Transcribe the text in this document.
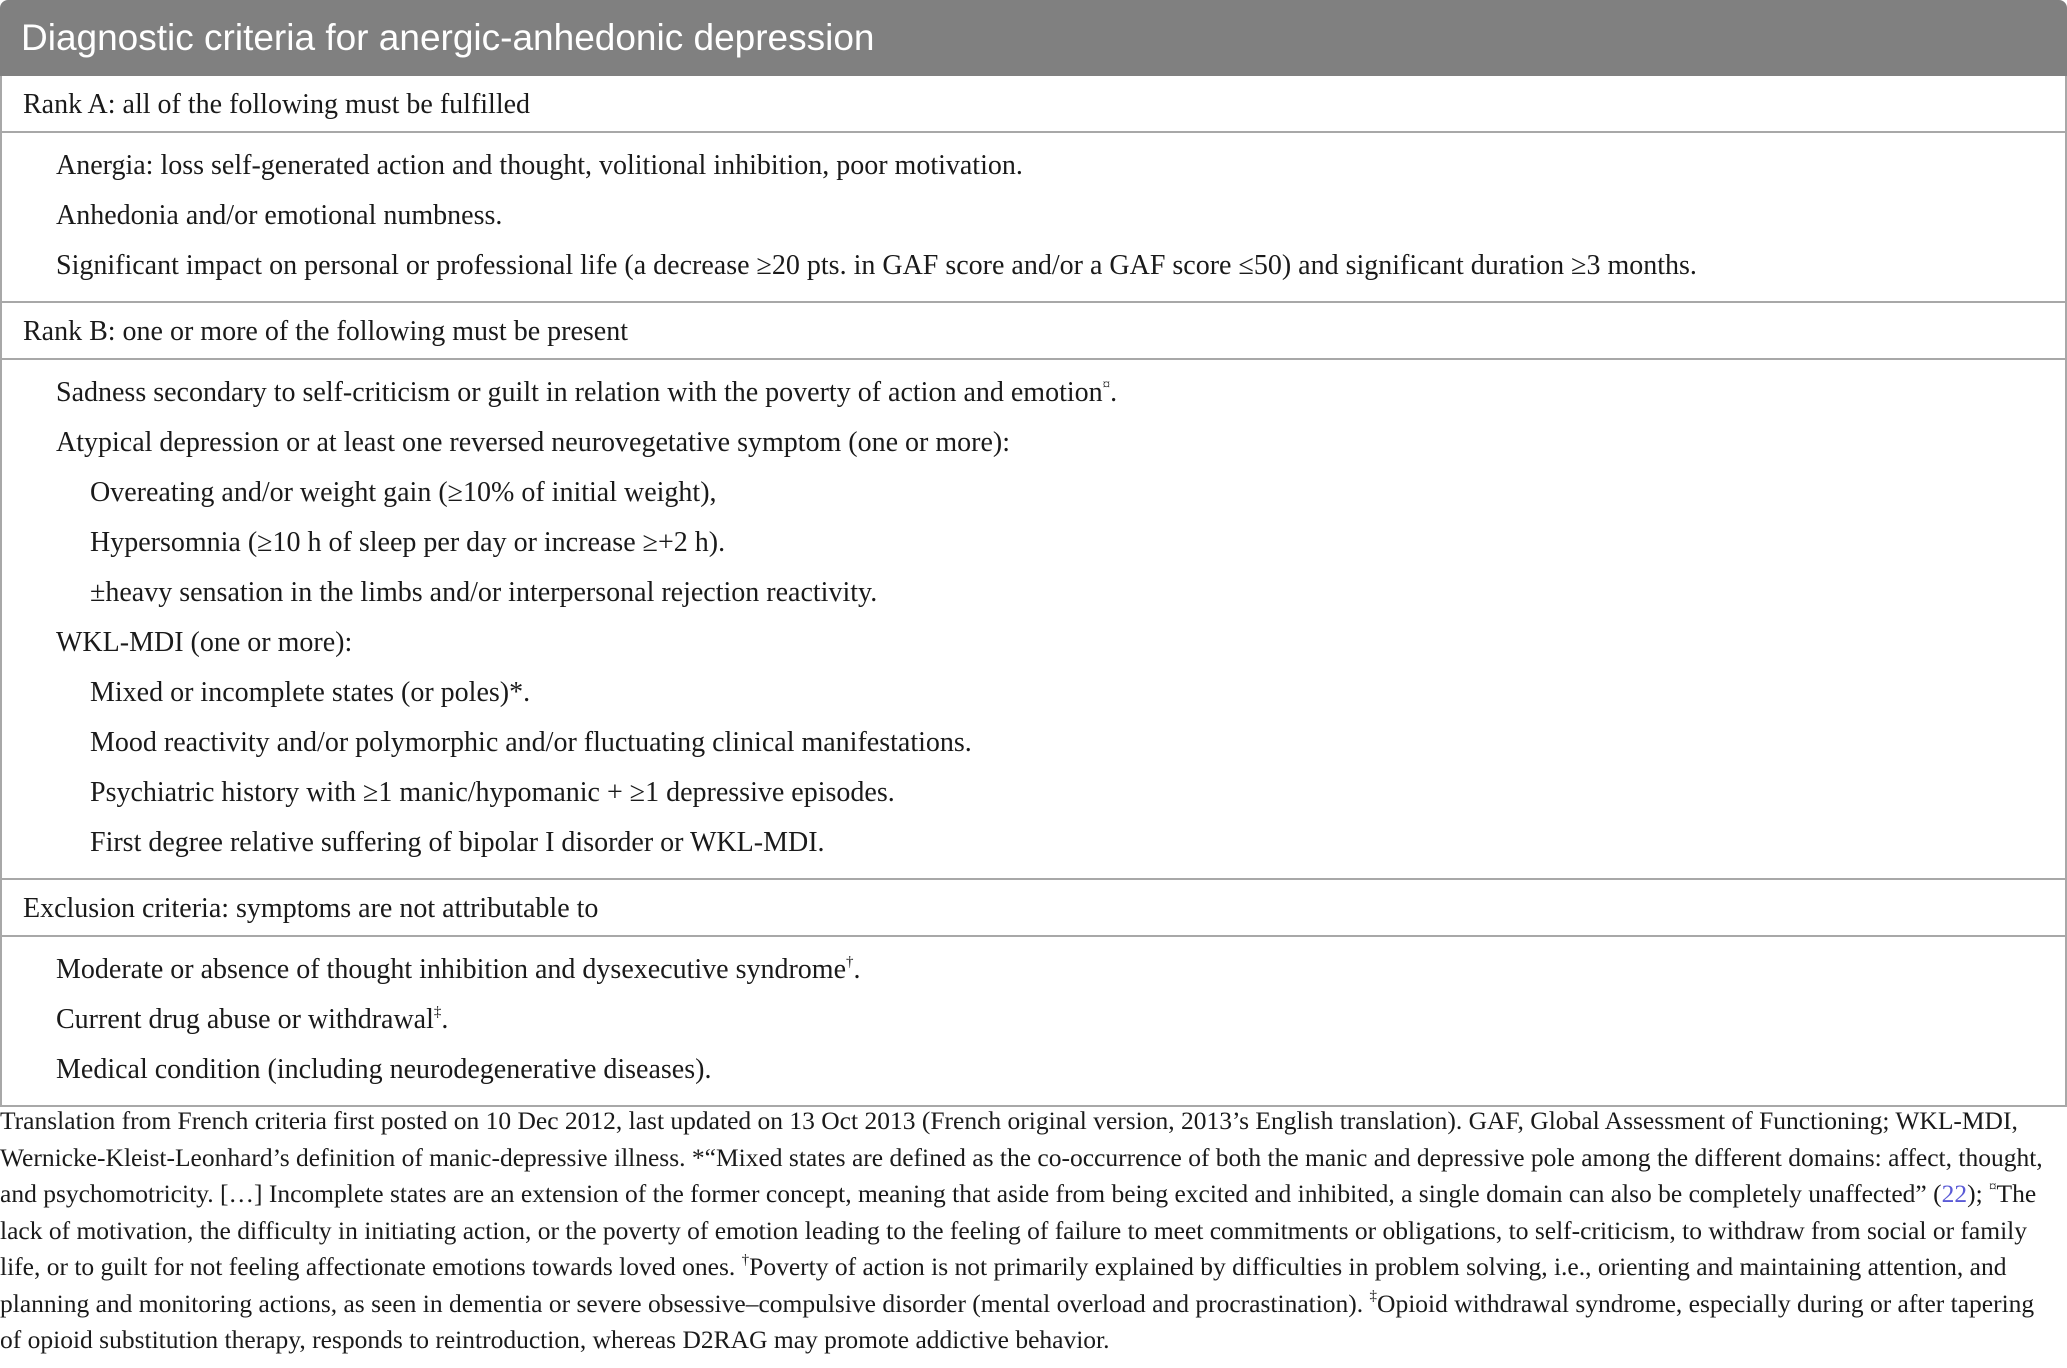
Diagnostic criteria for anergic-anhedonic depression
Rank A: all of the following must be fulfilled
Anergia: loss self-generated action and thought, volitional inhibition, poor motivation.
Anhedonia and/or emotional numbness.
Significant impact on personal or professional life (a decrease ≥20 pts. in GAF score and/or a GAF score ≤50) and significant duration ≥3 months.
Rank B: one or more of the following must be present
Sadness secondary to self-criticism or guilt in relation with the poverty of action and emotion¤.
Atypical depression or at least one reversed neurovegetative symptom (one or more):
Overeating and/or weight gain (≥10% of initial weight),
Hypersomnia (≥10 h of sleep per day or increase ≥+2 h).
±heavy sensation in the limbs and/or interpersonal rejection reactivity.
WKL-MDI (one or more):
Mixed or incomplete states (or poles)*.
Mood reactivity and/or polymorphic and/or fluctuating clinical manifestations.
Psychiatric history with ≥1 manic/hypomanic + ≥1 depressive episodes.
First degree relative suffering of bipolar I disorder or WKL-MDI.
Exclusion criteria: symptoms are not attributable to
Moderate or absence of thought inhibition and dysexecutive syndrome†.
Current drug abuse or withdrawal‡.
Medical condition (including neurodegenerative diseases).

Translation from French criteria first posted on 10 Dec 2012, last updated on 13 Oct 2013 (French original version, 2013’s English translation). GAF, Global Assessment of Functioning; WKL-MDI, Wernicke-Kleist-Leonhard’s definition of manic-depressive illness. *“Mixed states are defined as the co-occurrence of both the manic and depressive pole among the different domains: affect, thought, and psychomotricity. […] Incomplete states are an extension of the former concept, meaning that aside from being excited and inhibited, a single domain can also be completely unaffected” (22); ¤The lack of motivation, the difficulty in initiating action, or the poverty of emotion leading to the feeling of failure to meet commitments or obligations, to self-criticism, to withdraw from social or family life, or to guilt for not feeling affectionate emotions towards loved ones. †Poverty of action is not primarily explained by difficulties in problem solving, i.e., orienting and maintaining attention, and planning and monitoring actions, as seen in dementia or severe obsessive–compulsive disorder (mental overload and procrastination). ‡Opioid withdrawal syndrome, especially during or after tapering of opioid substitution therapy, responds to reintroduction, whereas D2RAG may promote addictive behavior.
